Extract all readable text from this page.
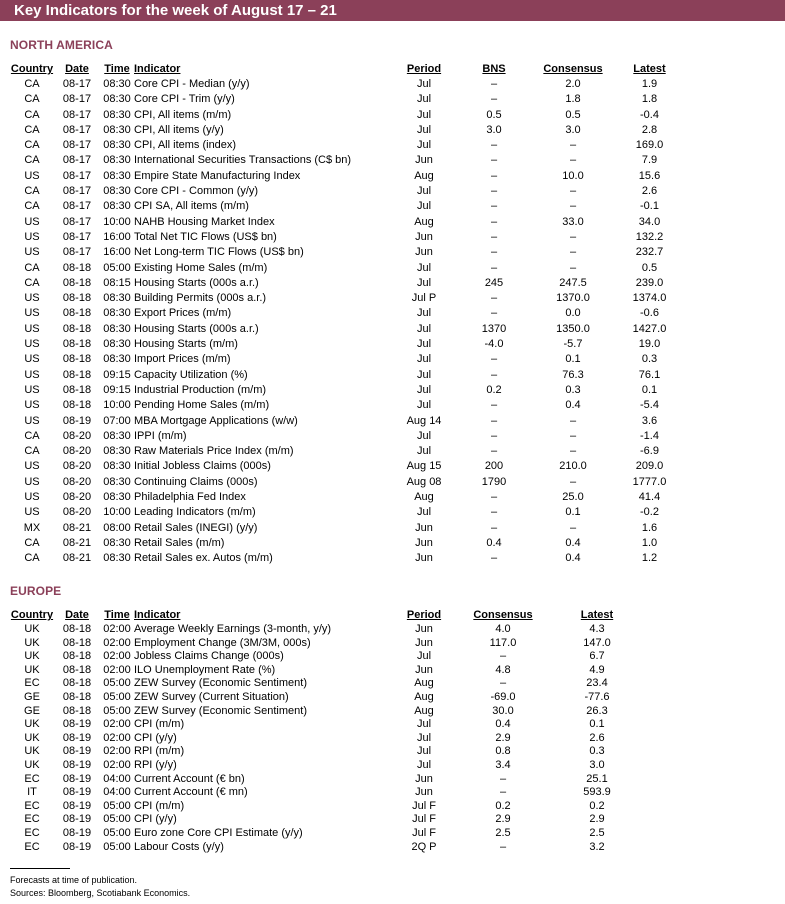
Key Indicators for the week of August 17 – 21
NORTH AMERICA
Country	Date	Time	Indicator	Period	BNS	Consensus	Latest
CA	08-17	08:30	Core CPI - Median (y/y)	Jul	–	2.0	1.9
CA	08-17	08:30	Core CPI - Trim (y/y)	Jul	–	1.8	1.8
CA	08-17	08:30	CPI, All items (m/m)	Jul	0.5	0.5	-0.4
CA	08-17	08:30	CPI, All items (y/y)	Jul	3.0	3.0	2.8
CA	08-17	08:30	CPI, All items (index)	Jul	–	–	169.0
CA	08-17	08:30	International Securities Transactions (C$ bn)	Jun	–	–	7.9
US	08-17	08:30	Empire State Manufacturing Index	Aug	–	10.0	15.6
CA	08-17	08:30	Core CPI - Common (y/y)	Jul	–	–	2.6
CA	08-17	08:30	CPI SA, All items (m/m)	Jul	–	–	-0.1
US	08-17	10:00	NAHB Housing Market Index	Aug	–	33.0	34.0
US	08-17	16:00	Total Net TIC Flows (US$ bn)	Jun	–	–	132.2
US	08-17	16:00	Net Long-term TIC Flows (US$ bn)	Jun	–	–	232.7
CA	08-18	05:00	Existing Home Sales (m/m)	Jul	–	–	0.5
CA	08-18	08:15	Housing Starts (000s a.r.)	Jul	245	247.5	239.0
US	08-18	08:30	Building Permits (000s a.r.)	Jul P	–	1370.0	1374.0
US	08-18	08:30	Export Prices (m/m)	Jul	–	0.0	-0.6
US	08-18	08:30	Housing Starts (000s a.r.)	Jul	1370	1350.0	1427.0
US	08-18	08:30	Housing Starts (m/m)	Jul	-4.0	-5.7	19.0
US	08-18	08:30	Import Prices (m/m)	Jul	–	0.1	0.3
US	08-18	09:15	Capacity Utilization (%)	Jul	–	76.3	76.1
US	08-18	09:15	Industrial Production (m/m)	Jul	0.2	0.3	0.1
US	08-18	10:00	Pending Home Sales (m/m)	Jul	–	0.4	-5.4
US	08-19	07:00	MBA Mortgage Applications (w/w)	Aug 14	–	–	3.6
CA	08-20	08:30	IPPI (m/m)	Jul	–	–	-1.4
CA	08-20	08:30	Raw Materials Price Index (m/m)	Jul	–	–	-6.9
US	08-20	08:30	Initial Jobless Claims (000s)	Aug 15	200	210.0	209.0
US	08-20	08:30	Continuing Claims (000s)	Aug 08	1790	–	1777.0
US	08-20	08:30	Philadelphia Fed Index	Aug	–	25.0	41.4
US	08-20	10:00	Leading Indicators (m/m)	Jul	–	0.1	-0.2
MX	08-21	08:00	Retail Sales (INEGI) (y/y)	Jun	–	–	1.6
CA	08-21	08:30	Retail Sales (m/m)	Jun	0.4	0.4	1.0
CA	08-21	08:30	Retail Sales ex. Autos (m/m)	Jun	–	0.4	1.2
EUROPE
Country	Date	Time	Indicator	Period	Consensus	Latest
UK	08-18	02:00	Average Weekly Earnings (3-month, y/y)	Jun	4.0	4.3
UK	08-18	02:00	Employment Change (3M/3M, 000s)	Jun	117.0	147.0
UK	08-18	02:00	Jobless Claims Change (000s)	Jul	–	6.7
UK	08-18	02:00	ILO Unemployment Rate (%)	Jun	4.8	4.9
EC	08-18	05:00	ZEW Survey (Economic Sentiment)	Aug	–	23.4
GE	08-18	05:00	ZEW Survey (Current Situation)	Aug	-69.0	-77.6
GE	08-18	05:00	ZEW Survey (Economic Sentiment)	Aug	30.0	26.3
UK	08-19	02:00	CPI (m/m)	Jul	0.4	0.1
UK	08-19	02:00	CPI (y/y)	Jul	2.9	2.6
UK	08-19	02:00	RPI (m/m)	Jul	0.8	0.3
UK	08-19	02:00	RPI (y/y)	Jul	3.4	3.0
EC	08-19	04:00	Current Account (€ bn)	Jun	–	25.1
IT	08-19	04:00	Current Account (€ mn)	Jun	–	593.9
EC	08-19	05:00	CPI (m/m)	Jul F	0.2	0.2
EC	08-19	05:00	CPI (y/y)	Jul F	2.9	2.9
EC	08-19	05:00	Euro zone Core CPI Estimate (y/y)	Jul F	2.5	2.5
EC	08-19	05:00	Labour Costs (y/y)	2Q P	–	3.2
Forecasts at time of publication.
Sources: Bloomberg, Scotiabank Economics.
